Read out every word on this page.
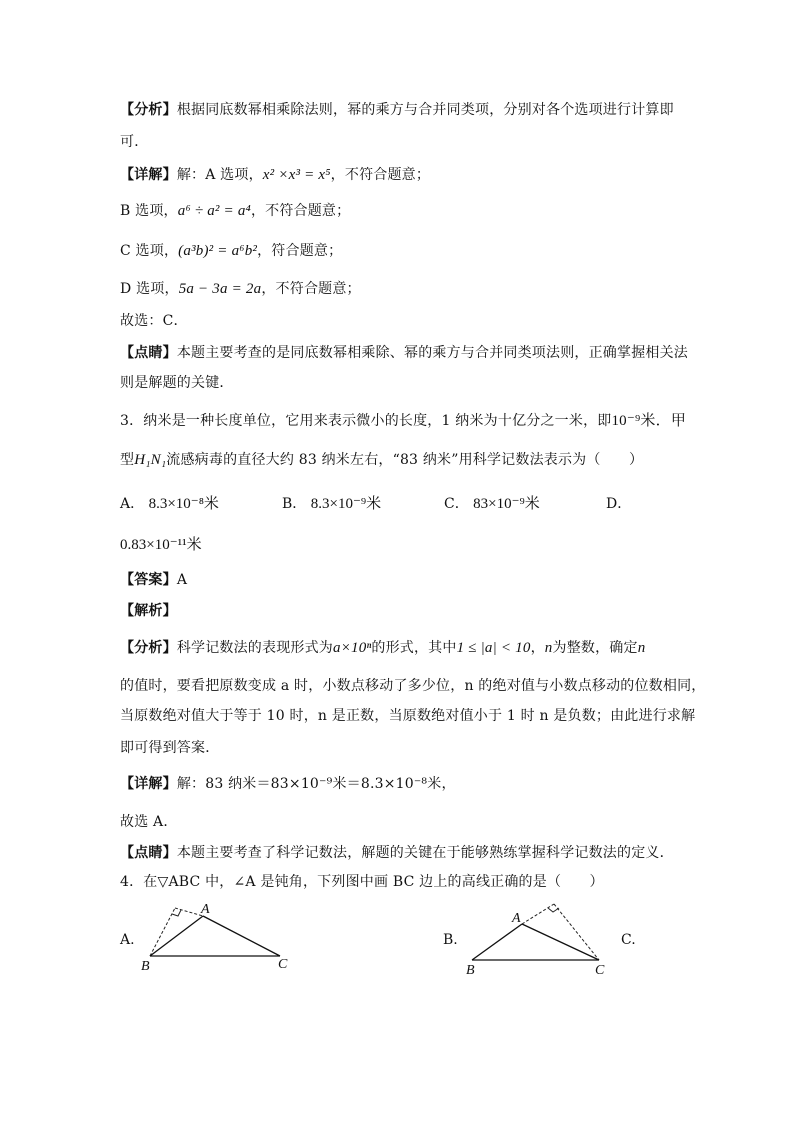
【分析】根据同底数幂相乘除法则，幂的乘方与合并同类项，分别对各个选项进行计算即
可．
【详解】解：A 选项，x² ×x³ = x⁵，不符合题意；
B 选项，a⁶ ÷ a² = a⁴，不符合题意；
C 选项，(a³b)² = a⁶b²，符合题意；
D 选项，5a − 3a = 2a，不符合题意；
故选：C．
【点睛】本题主要考查的是同底数幂相乘除、幂的乘方与合并同类项法则，正确掌握相关法
则是解题的关键．
3．纳米是一种长度单位，它用来表示微小的长度，1 纳米为十亿分之一米，即10⁻⁹米．甲
型H₁N₁流感病毒的直径大约 83 纳米左右，“83 纳米”用科学记数法表示为（　　）
A． 8.3×10⁻⁸米	B． 8.3×10⁻⁹米	C． 83×10⁻⁹米	D．
0.83×10⁻¹¹米
【答案】A
【解析】
【分析】科学记数法的表现形式为a×10ⁿ的形式，其中1 ≤ |a| < 10，n为整数，确定n
的值时，要看把原数变成 a 时，小数点移动了多少位，n 的绝对值与小数点移动的位数相同，
当原数绝对值大于等于 10 时，n 是正数，当原数绝对值小于 1 时 n 是负数；由此进行求解
即可得到答案．
【详解】解：83 纳米＝83×10⁻⁹米＝8.3×10⁻⁸米，
故选 A．
【点睛】本题主要考查了科学记数法，解题的关键在于能够熟练掌握科学记数法的定义．
4．在▽ABC 中，∠A 是钝角，下列图中画 BC 边上的高线正确的是（　　）
A.
A
B	C
B.
A
B	C
C.
